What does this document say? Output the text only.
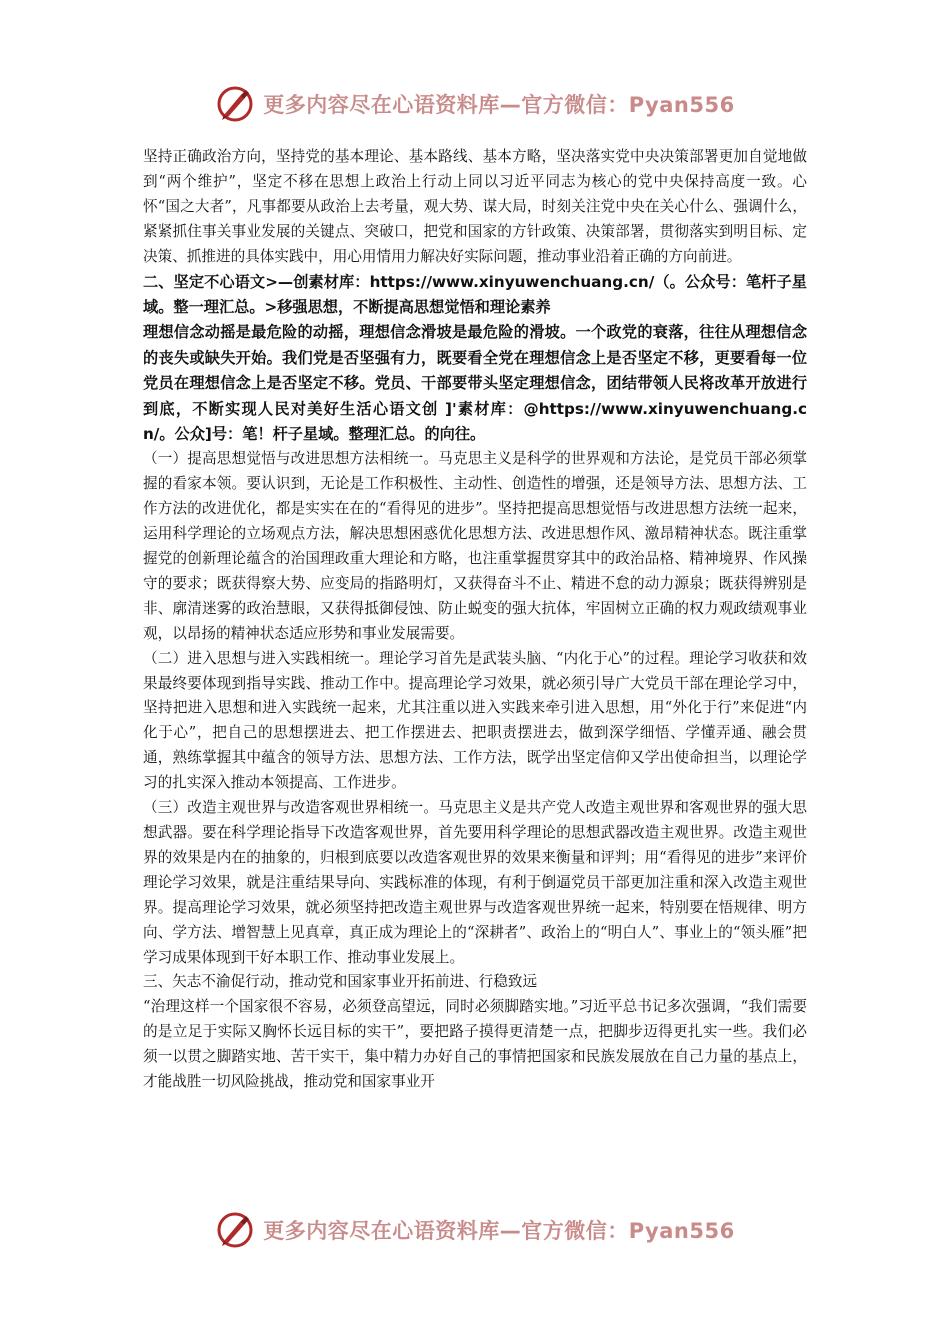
更多内容尽在心语资料库—官方微信：Pyan556

坚持正确政治方向，坚持党的基本理论、基本路线、基本方略，坚决落实党中央决策部署更加自觉地做到“两个维护”，坚定不移在思想上政治上行动上同以习近平同志为核心的党中央保持高度一致。心怀“国之大者”，凡事都要从政治上去考量，观大势、谋大局，时刻关注党中央在关心什么、强调什么，紧紧抓住事关事业发展的关键点、突破口，把党和国家的方针政策、决策部署，贯彻落实到明目标、定决策、抓推进的具体实践中，用心用情用力解决好实际问题，推动事业沿着正确的方向前进。

二、坚定不心语文>—创素材库：https://www.xinyuwenchuang.cn/（。公众号：笔杆子星域。整一理汇总。>移强思想，不断提高思想觉悟和理论素养

理想信念动摇是最危险的动摇，理想信念滑坡是最危险的滑坡。一个政党的衰落，往往从理想信念的丧失或缺失开始。我们党是否坚强有力，既要看全党在理想信念上是否坚定不移，更要看每一位党员在理想信念上是否坚定不移。党员、干部要带头坚定理想信念，团结带领人民将改革开放进行到底，不断实现人民对美好生活心语文创 ]'素材库：@https://www.xinyuwenchuang.cn/。公众]号：笔！杆子星域。整理汇总。的向往。

（一）提高思想觉悟与改进思想方法相统一。马克思主义是科学的世界观和方法论，是党员干部必须掌握的看家本领。要认识到，无论是工作积极性、主动性、创造性的增强，还是领导方法、思想方法、工作方法的改进优化，都是实实在在的“看得见的进步”。坚持把提高思想觉悟与改进思想方法统一起来，运用科学理论的立场观点方法，解决思想困惑优化思想方法、改进思想作风、激昂精神状态。既注重掌握党的创新理论蕴含的治国理政重大理论和方略，也注重掌握贯穿其中的政治品格、精神境界、作风操守的要求；既获得察大势、应变局的指路明灯，又获得奋斗不止、精进不怠的动力源泉；既获得辨别是非、廓清迷雾的政治慧眼，又获得抵御侵蚀、防止蜕变的强大抗体，牢固树立正确的权力观政绩观事业观，以昂扬的精神状态适应形势和事业发展需要。

（二）进入思想与进入实践相统一。理论学习首先是武装头脑、“内化于心”的过程。理论学习收获和效果最终要体现到指导实践、推动工作中。提高理论学习效果，就必须引导广大党员干部在理论学习中，坚持把进入思想和进入实践统一起来，尤其注重以进入实践来牵引进入思想，用“外化于行”来促进“内化于心”，把自己的思想摆进去、把工作摆进去、把职责摆进去，做到深学细悟、学懂弄通、融会贯通，熟练掌握其中蕴含的领导方法、思想方法、工作方法，既学出坚定信仰又学出使命担当，以理论学习的扎实深入推动本领提高、工作进步。

（三）改造主观世界与改造客观世界相统一。马克思主义是共产党人改造主观世界和客观世界的强大思想武器。要在科学理论指导下改造客观世界，首先要用科学理论的思想武器改造主观世界。改造主观世界的效果是内在的抽象的，归根到底要以改造客观世界的效果来衡量和评判；用“看得见的进步”来评价理论学习效果，就是注重结果导向、实践标准的体现，有利于倒逼党员干部更加注重和深入改造主观世界。提高理论学习效果，就必须坚持把改造主观世界与改造客观世界统一起来，特别要在悟规律、明方向、学方法、增智慧上见真章，真正成为理论上的“深耕者”、政治上的“明白人”、事业上的“领头雁”把学习成果体现到干好本职工作、推动事业发展上。

三、矢志不渝促行动，推动党和国家事业开拓前进、行稳致远

“治理这样一个国家很不容易，必须登高望远，同时必须脚踏实地。”习近平总书记多次强调，“我们需要的是立足于实际又胸怀长远目标的实干”，要把路子摸得更清楚一点，把脚步迈得更扎实一些。我们必须一以贯之脚踏实地、苦干实干，集中精力办好自己的事情把国家和民族发展放在自己力量的基点上，才能战胜一切风险挑战，推动党和国家事业开

更多内容尽在心语资料库—官方微信：Pyan556
